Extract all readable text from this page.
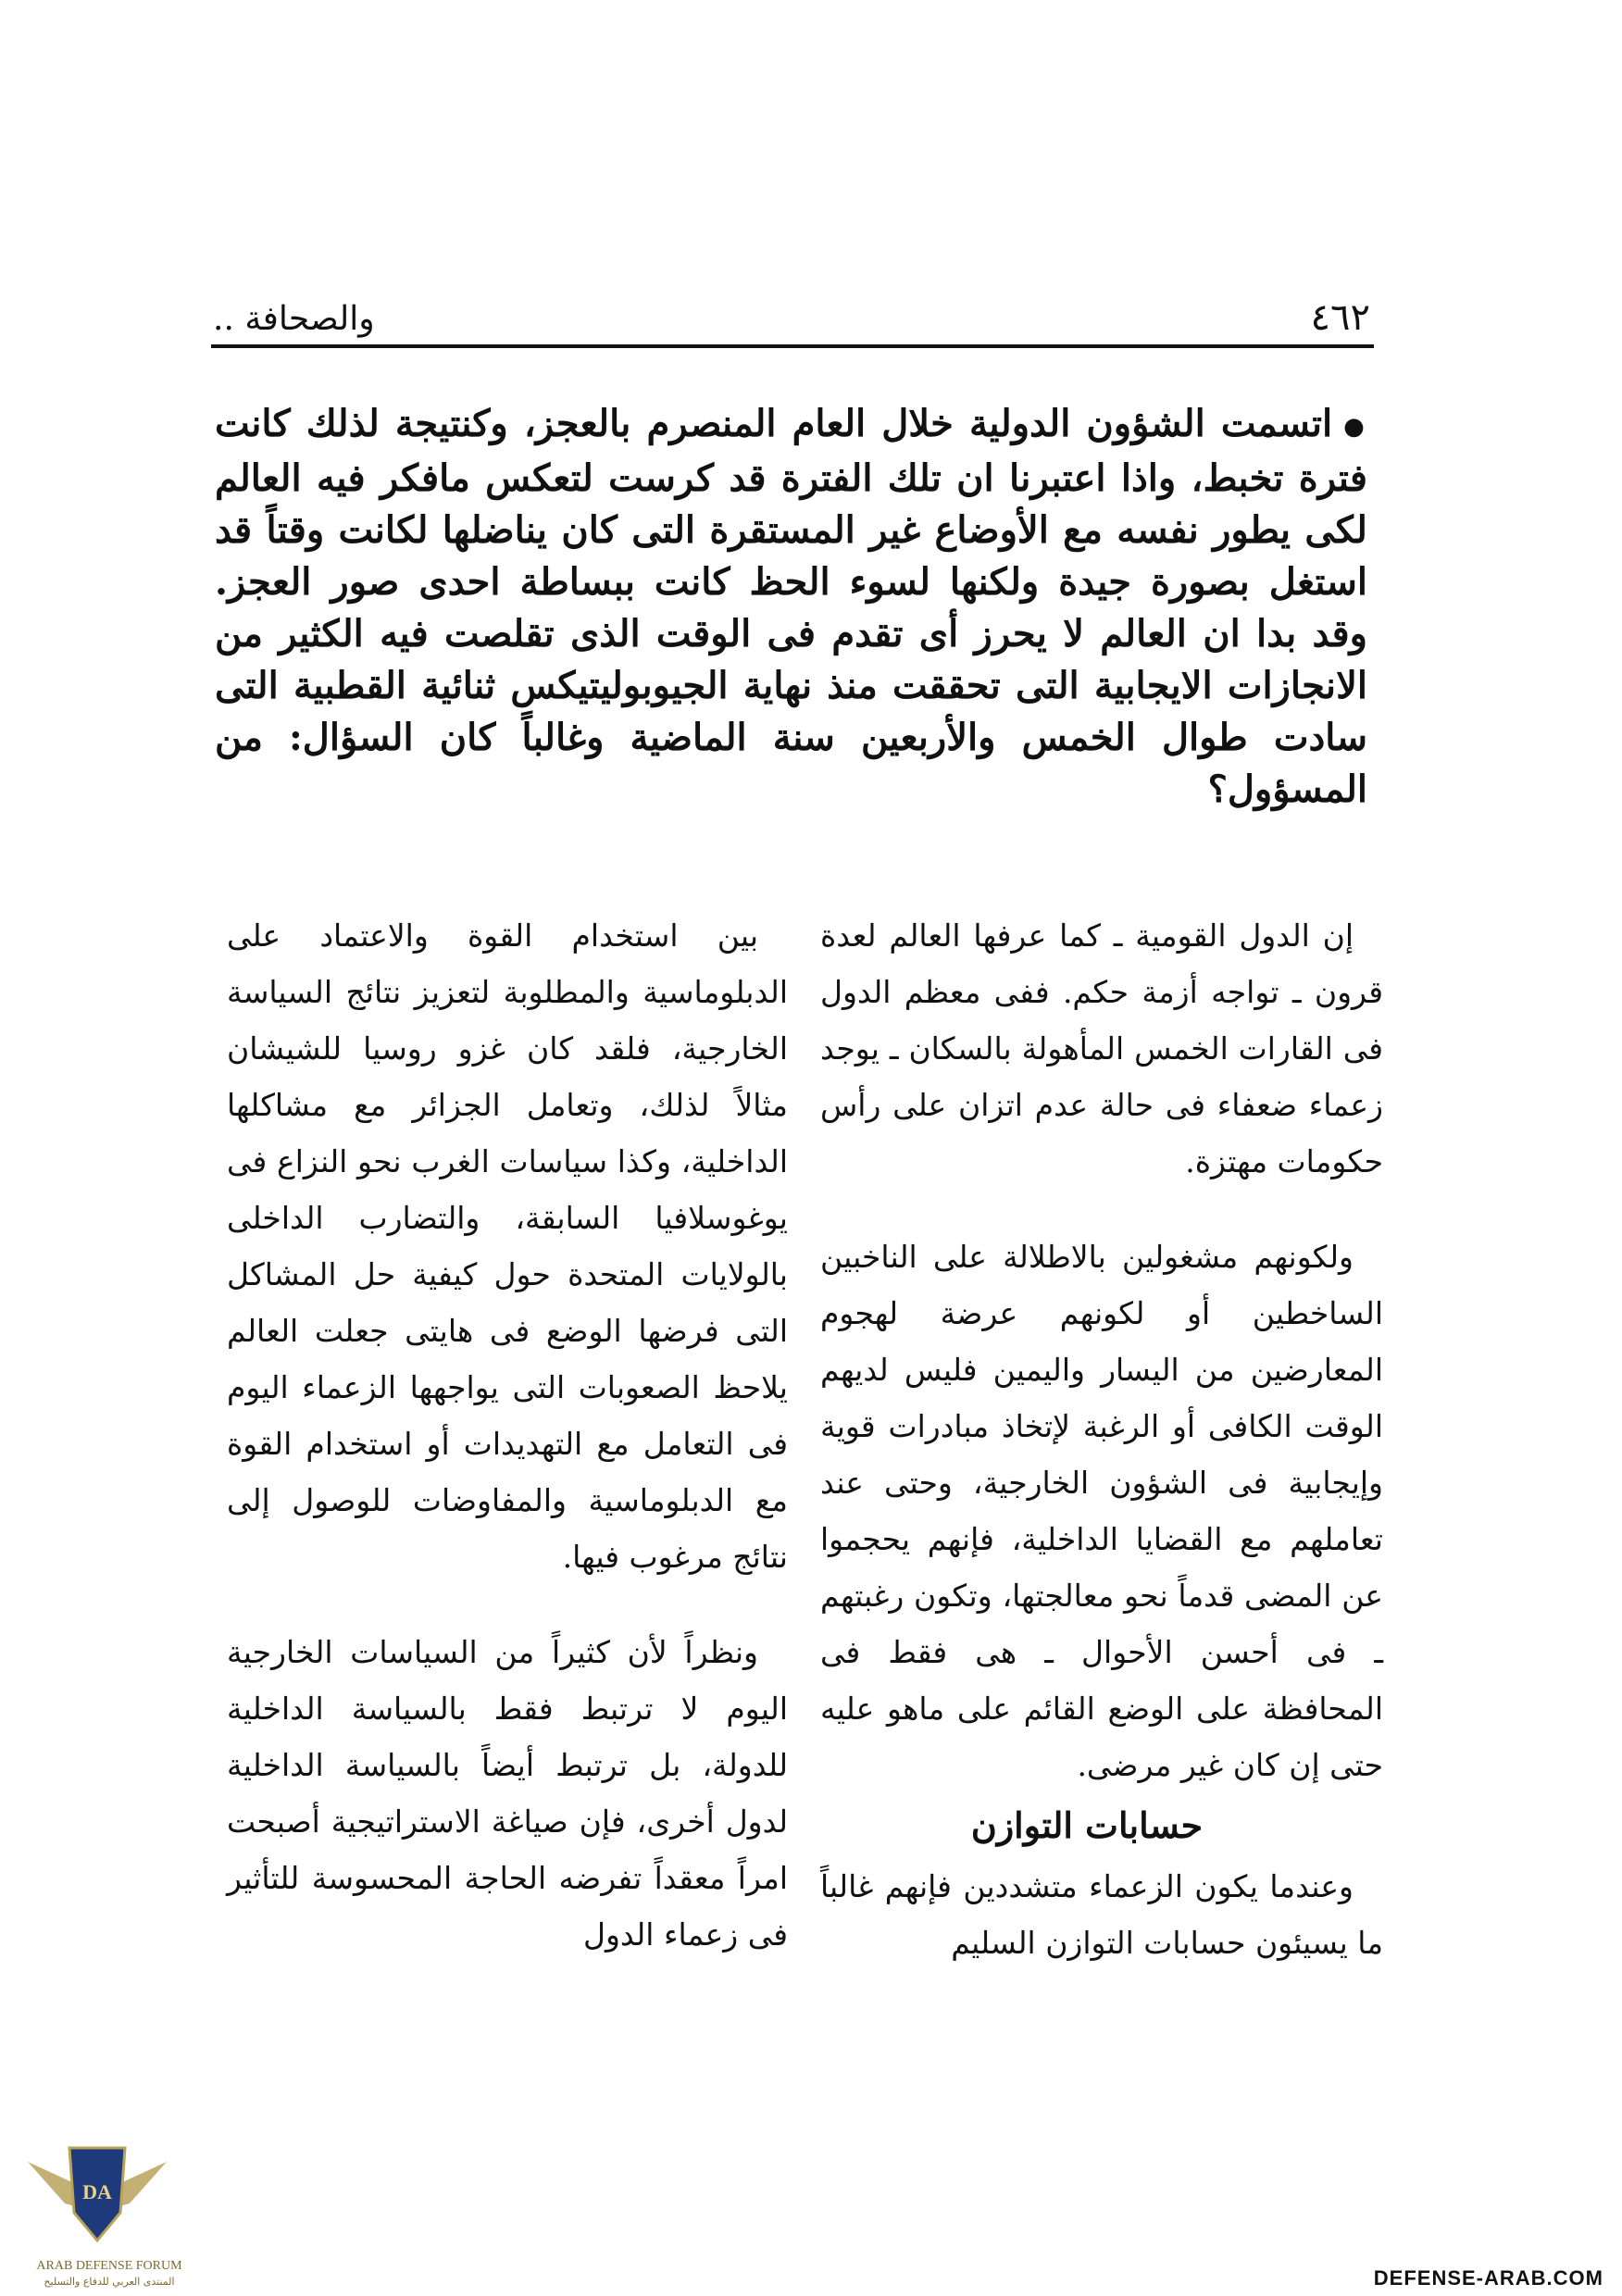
٤٦٢
.. والصحافة
●اتسمت الشؤون الدولية خلال العام المنصرم بالعجز، وكنتيجة لذلك كانت فترة تخبط، واذا اعتبرنا ان تلك الفترة قد كرست لتعكس مافكر فيه العالم لكى يطور نفسه مع الأوضاع غير المستقرة التى كان يناضلها لكانت وقتاً قد استغل بصورة جيدة ولكنها لسوء الحظ كانت ببساطة احدى صور العجز. وقد بدا ان العالم لا يحرز أى تقدم فى الوقت الذى تقلصت فيه الكثير من الانجازات الايجابية التى تحققت منذ نهاية الجيوبوليتيكس ثنائية القطبية التى سادت طوال الخمس والأربعين سنة الماضية وغالباً كان السؤال: من المسؤول؟

إن الدول القومية ـ كما عرفها العالم لعدة قرون ـ تواجه أزمة حكم. ففى معظم الدول فى القارات الخمس المأهولة بالسكان ـ يوجد زعماء ضعفاء فى حالة عدم اتزان على رأس حكومات مهتزة.

ولكونهم مشغولين بالاطلالة على الناخبين الساخطين أو لكونهم عرضة لهجوم المعارضين من اليسار واليمين فليس لديهم الوقت الكافى أو الرغبة لإتخاذ مبادرات قوية وإيجابية فى الشؤون الخارجية، وحتى عند تعاملهم مع القضايا الداخلية، فإنهم يحجموا عن المضى قدماً نحو معالجتها، وتكون رغبتهم ـ فى أحسن الأحوال ـ هى فقط فى المحافظة على الوضع القائم على ماهو عليه حتى إن كان غير مرضى.

حسابات التوازن

وعندما يكون الزعماء متشددين فإنهم غالباً ما يسيئون حسابات التوازن السليم

بين استخدام القوة والاعتماد على الدبلوماسية والمطلوبة لتعزيز نتائج السياسة الخارجية، فلقد كان غزو روسيا للشيشان مثالاً لذلك، وتعامل الجزائر مع مشاكلها الداخلية، وكذا سياسات الغرب نحو النزاع فى يوغوسلافيا السابقة، والتضارب الداخلى بالولايات المتحدة حول كيفية حل المشاكل التى فرضها الوضع فى هايتى جعلت العالم يلاحظ الصعوبات التى يواجهها الزعماء اليوم فى التعامل مع التهديدات أو استخدام القوة مع الدبلوماسية والمفاوضات للوصول إلى نتائج مرغوب فيها.

ونظراً لأن كثيراً من السياسات الخارجية اليوم لا ترتبط فقط بالسياسة الداخلية للدولة، بل ترتبط أيضاً بالسياسة الداخلية لدول أخرى، فإن صياغة الاستراتيجية أصبحت امراً معقداً تفرضه الحاجة المحسوسة للتأثير فى زعماء الدول

DA
ARAB DEFENSE FORUM
المنتدى العربي للدفاع والتسليح	DEFENSE-ARAB.COM
